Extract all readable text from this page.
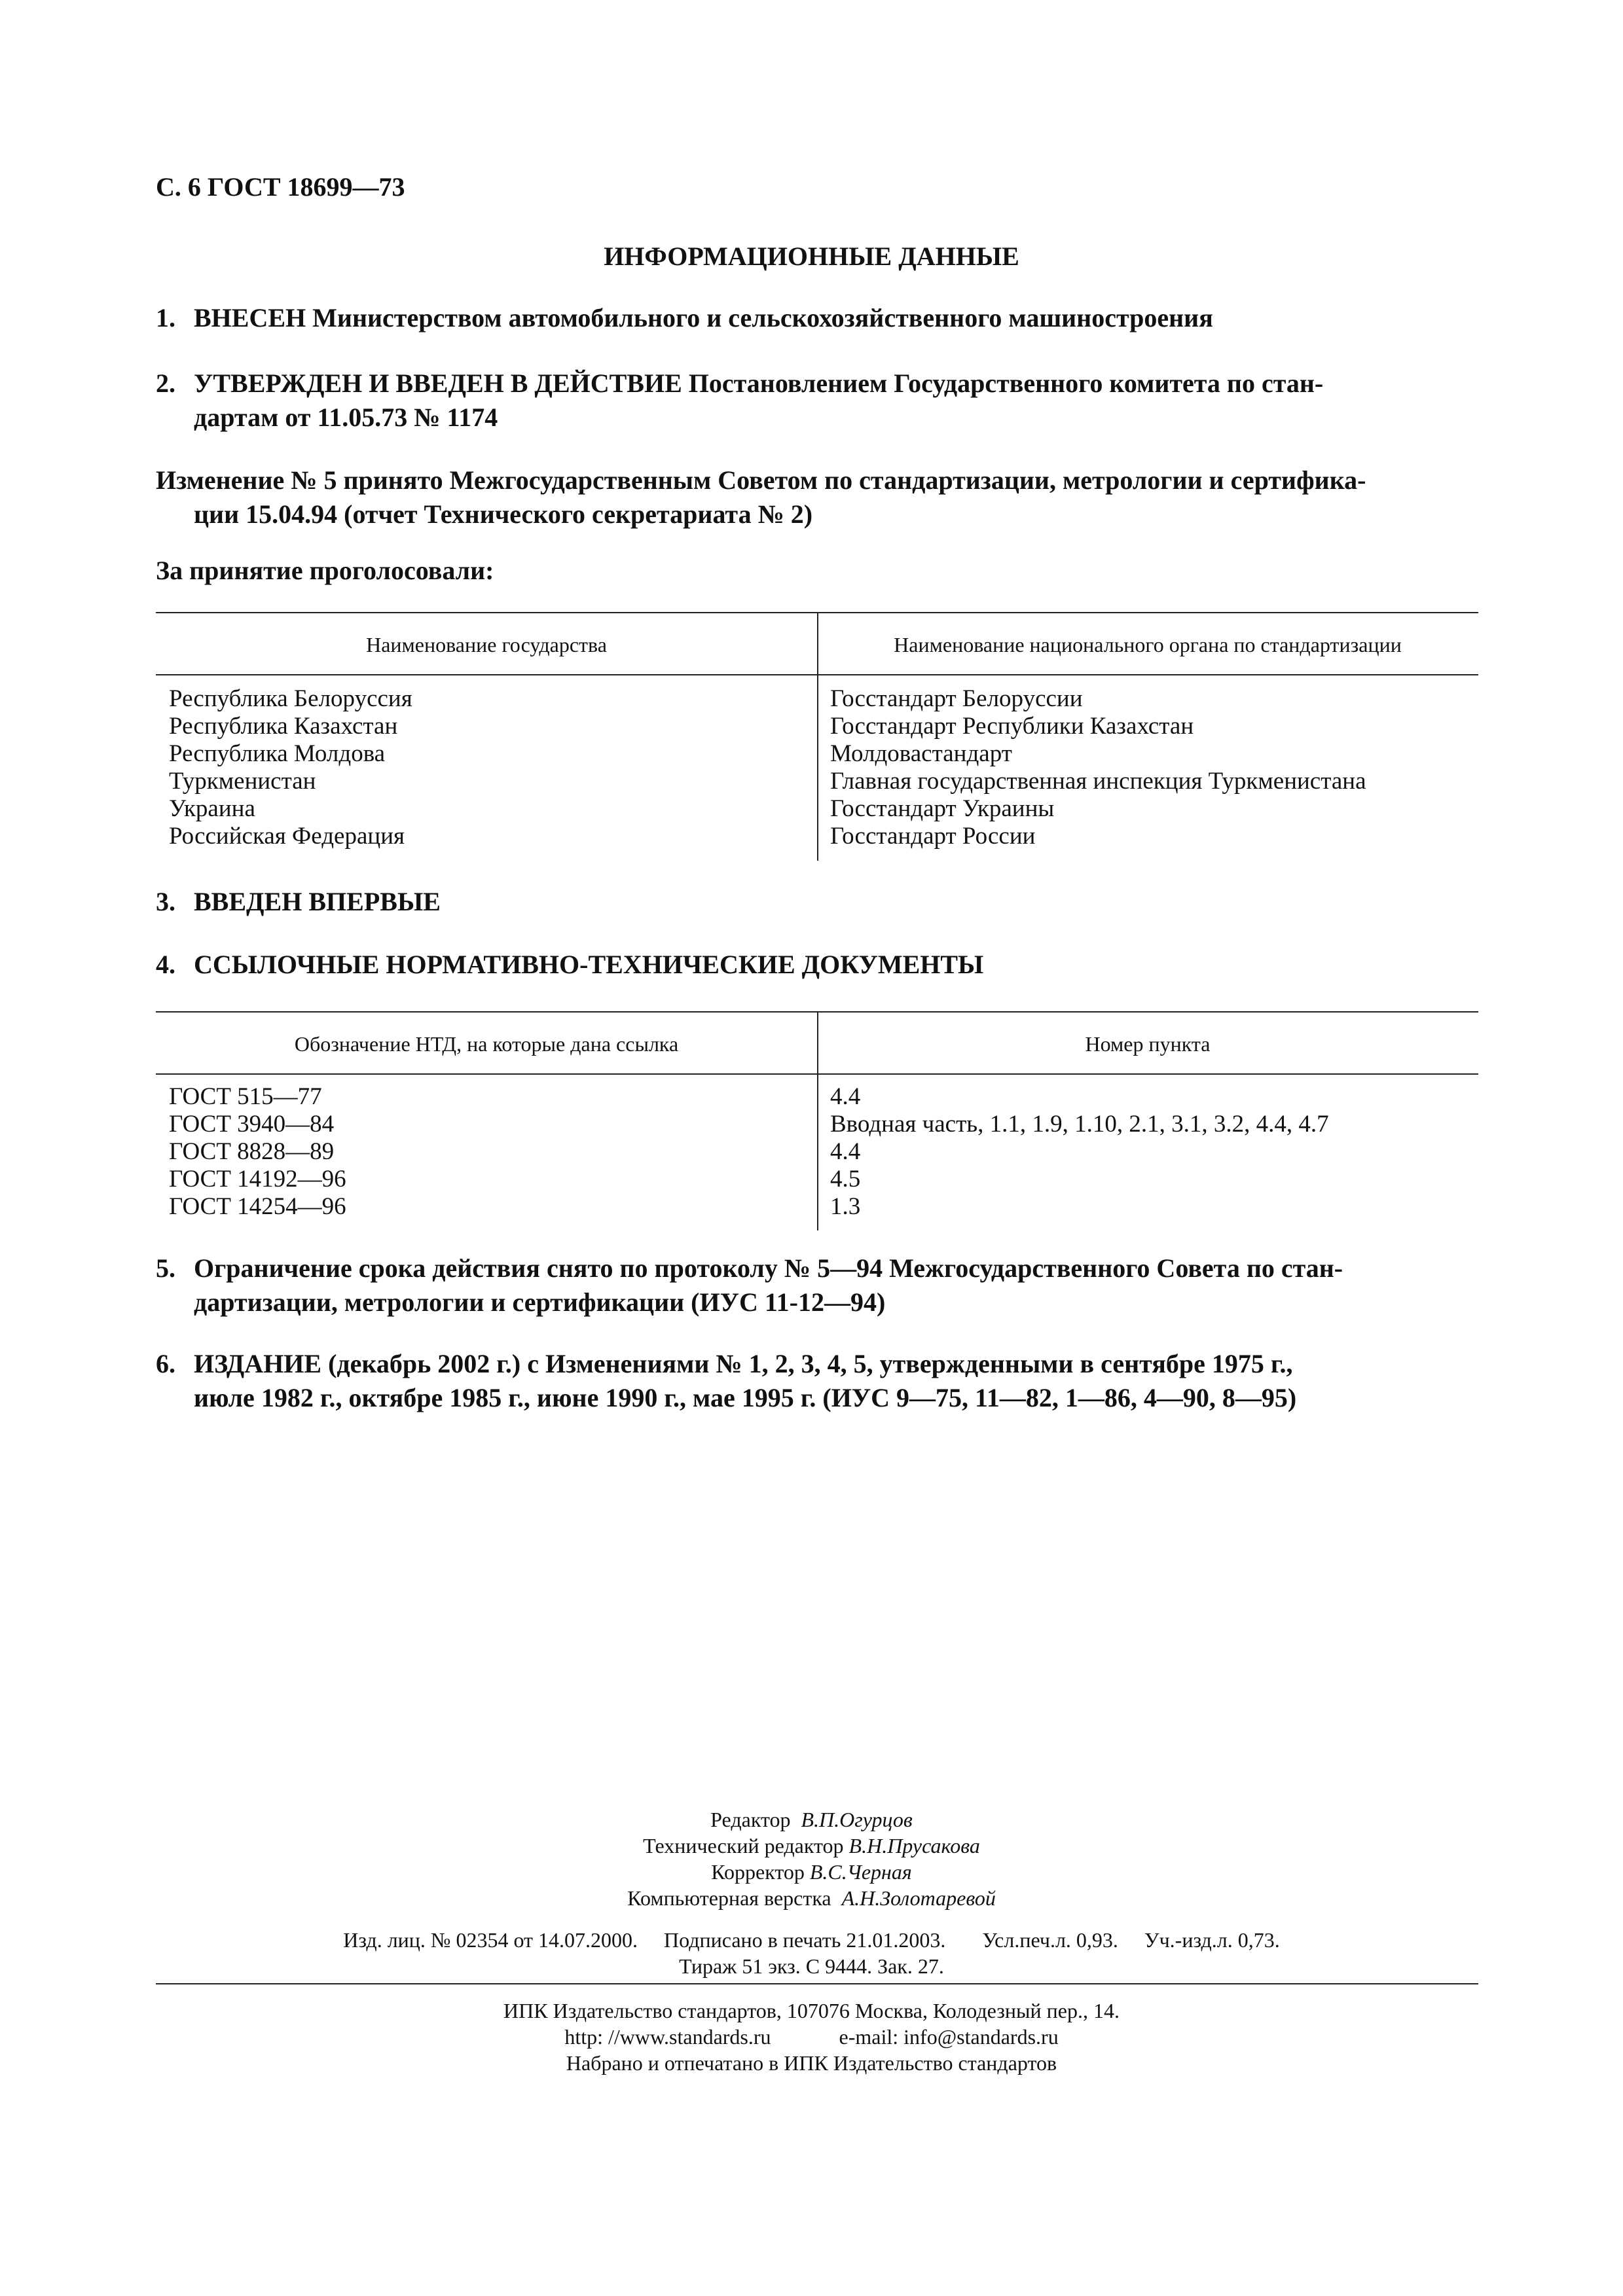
С. 6 ГОСТ 18699—73
ИНФОРМАЦИОННЫЕ ДАННЫЕ
1. ВНЕСЕН Министерством автомобильного и сельскохозяйственного машиностроения
2. УТВЕРЖДЕН И ВВЕДЕН В ДЕЙСТВИЕ Постановлением Государственного комитета по стан-
дартам от 11.05.73 № 1174
Изменение № 5 принято Межгосударственным Советом по стандартизации, метрологии и сертифика-
ции 15.04.94 (отчет Технического секретариата № 2)
За принятие проголосовали:
Наименование государства	Наименование национального органа по стандартизации
Республика Белоруссия	Госстандарт Белоруссии
Республика Казахстан	Госстандарт Республики Казахстан
Республика Молдова	Молдовастандарт
Туркменистан	Главная государственная инспекция Туркменистана
Украина	Госстандарт Украины
Российская Федерация	Госстандарт России
3. ВВЕДЕН ВПЕРВЫЕ
4. ССЫЛОЧНЫЕ НОРМАТИВНО-ТЕХНИЧЕСКИЕ ДОКУМЕНТЫ
Обозначение НТД, на которые дана ссылка	Номер пункта
ГОСТ 515—77	4.4
ГОСТ 3940—84	Вводная часть, 1.1, 1.9, 1.10, 2.1, 3.1, 3.2, 4.4, 4.7
ГОСТ 8828—89	4.4
ГОСТ 14192—96	4.5
ГОСТ 14254—96	1.3
5. Ограничение срока действия снято по протоколу № 5—94 Межгосударственного Совета по стан-
дартизации, метрологии и сертификации (ИУС 11-12—94)
6. ИЗДАНИЕ (декабрь 2002 г.) с Изменениями № 1, 2, 3, 4, 5, утвержденными в сентябре 1975 г.,
июле 1982 г., октябре 1985 г., июне 1990 г., мае 1995 г. (ИУС 9—75, 11—82, 1—86, 4—90, 8—95)
Редактор В.П.Огурцов
Технический редактор В.Н.Прусакова
Корректор В.С.Черная
Компьютерная верстка А.Н.Золотаревой
Изд. лиц. № 02354 от 14.07.2000. Подписано в печать 21.01.2003. Усл.печ.л. 0,93. Уч.-изд.л. 0,73.
Тираж 51 экз. С 9444. Зак. 27.
ИПК Издательство стандартов, 107076 Москва, Колодезный пер., 14.
http: //www.standards.ru	e-mail: info@standards.ru
Набрано и отпечатано в ИПК Издательство стандартов
